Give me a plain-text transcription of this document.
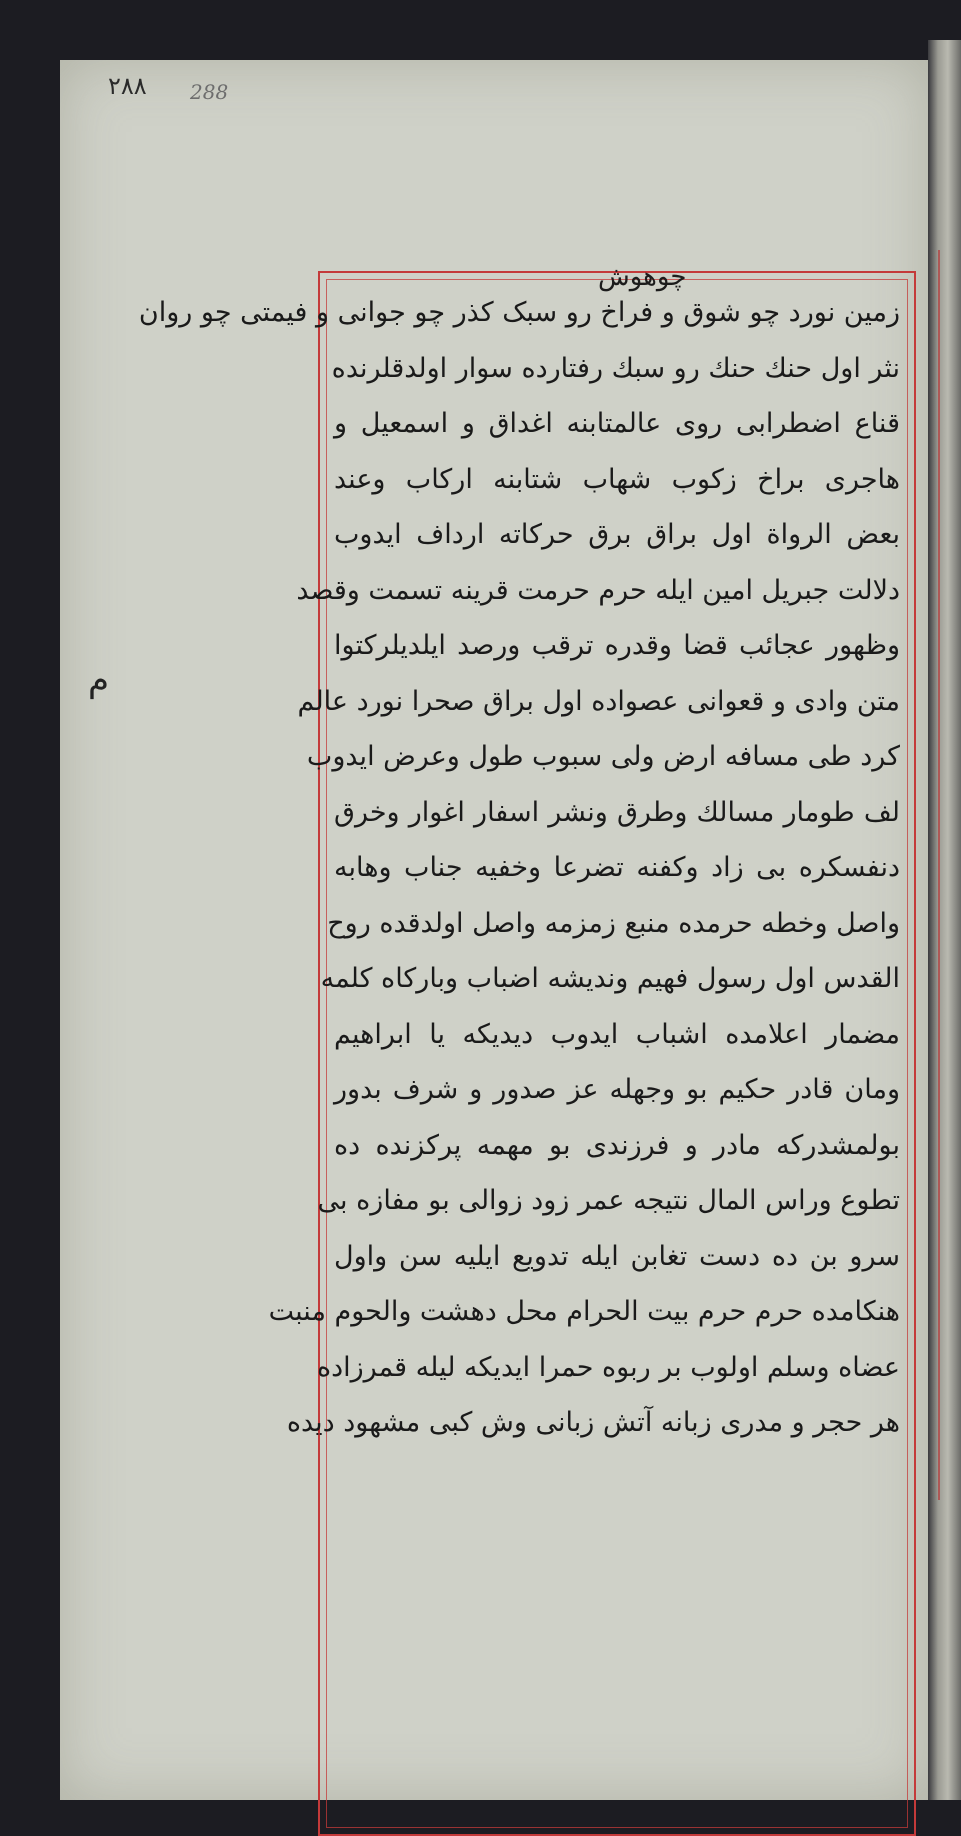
٢٨٨ 288
م
چوهوش
زمین نورد چو شوق و فراخ رو سبک کذر چو جوانی و فیمتی چو روان
نثر اول حنك حنك رو سبك رفتارده سوار اولدقلرنده
قناع اضطرابی روی عالمتابنه اغداق و اسمعیل و
هاجری براخ زکوب شهاب شتابنه ارکاب وعند
بعض الرواة اول براق برق حرکاته ارداف ایدوب
دلالت جبریل امین ایله حرم حرمت قرینه تسمت وقصد
وظهور عجائب قضا وقدره ترقب ورصد ایلدیلرکتوا
متن وادی و قعوانی عصواده اول براق صحرا نورد عالم
کرد طی مسافه ارض ولی سبوب طول وعرض ایدوب
لف طومار مسالك وطرق ونشر اسفار اغوار وخرق
دنفسکره بی زاد وکفنه تضرعا وخفیه جناب وهابه
واصل وخطه حرمده منبع زمزمه واصل اولدقده روح
القدس اول رسول فهیم ونديشه اضباب وبارکاه کلمه
مضمار اعلامده اشباب ایدوب دیدیکه یا ابراهیم
ومان قادر حکیم بو وجهله عز صدور و شرف بدور
بولمشدرکه مادر و فرزندی بو مهمه پرکزنده ده
تطوع وراس المال نتیجه عمر زود زوالی بو مفازه بی
سرو بن ده دست تغابن ایله تدویع ایلیه سن واول
هنکامده حرم حرم بیت الحرام محل دهشت والحوم منبت
عضاه وسلم اولوب بر ربوه حمرا ایدیکه لیله قمرزاده
هر حجر و مدری زبانه آتش زبانی وش کبی مشهود دیده
